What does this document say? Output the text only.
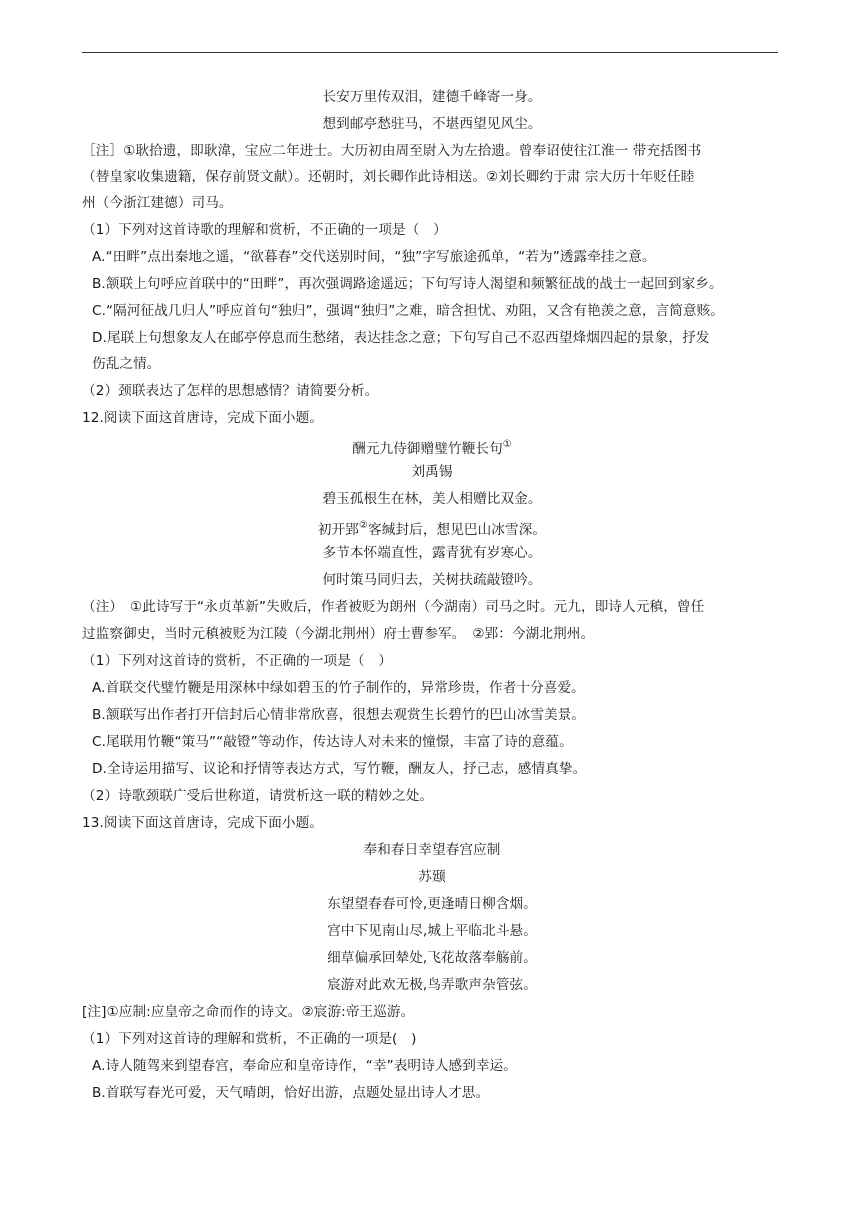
长安万里传双泪，建德千峰寄一身。
想到邮亭愁驻马，不堪西望见风尘。
［注］①耿拾遗，即耿湋，宝应二年进士。大历初由周至尉入为左拾遗。曾奉诏使往江淮一 带充括图书
（替皇家收集遗籍，保存前贤文献）。还朝时，刘长卿作此诗相送。②刘长卿约于肃 宗大历十年贬任睦
州（今浙江建德）司马。
（1）下列对这首诗歌的理解和赏析，不正确的一项是（　）
A.“田畔”点出秦地之遥，“欲暮春”交代送别时间，“独”字写旅途孤单，“若为”透露牵挂之意。
B.颔联上句呼应首联中的“田畔”，再次强调路途遥远；下句写诗人渴望和频繁征战的战士一起回到家乡。
C.“隔河征战几归人”呼应首句“独归”，强调“独归”之难，暗含担忧、劝阻，又含有艳羡之意，言简意赅。
D.尾联上句想象友人在邮亭停息而生愁绪，表达挂念之意；下句写自己不忍西望烽烟四起的景象，抒发
伤乱之情。
（2）颈联表达了怎样的思想感情？请简要分析。
12.阅读下面这首唐诗，完成下面小题。
酬元九侍御赠璧竹鞭长句①
刘禹锡
碧玉孤根生在林，美人相赠比双金。
初开郢②客缄封后，想见巴山冰雪深。
多节本怀端直性，露青犹有岁寒心。
何时策马同归去，关树扶疏敲镫吟。
（注）　①此诗写于“永贞革新”失败后，作者被贬为朗州（今湖南）司马之时。元九，即诗人元稹，曾任
过监察御史，当时元稹被贬为江陵（今湖北荆州）府士曹参军。　②郢：今湖北荆州。
（1）下列对这首诗的赏析，不正确的一项是（　）
A.首联交代璧竹鞭是用深林中绿如碧玉的竹子制作的，异常珍贵，作者十分喜爱。
B.颔联写出作者打开信封后心情非常欣喜，很想去观赏生长碧竹的巴山冰雪美景。
C.尾联用竹鞭“策马”“敲镫”等动作，传达诗人对未来的憧憬，丰富了诗的意蕴。
D.全诗运用描写、议论和抒情等表达方式，写竹鞭，酬友人，抒己志，感情真挚。
（2）诗歌颈联广受后世称道，请赏析这一联的精妙之处。
13.阅读下面这首唐诗，完成下面小题。
奉和春日幸望春宫应制
苏颋
东望望春春可怜,更逢晴日柳含烟。
宫中下见南山尽,城上平临北斗悬。
细草偏承回辇处,飞花故落奉觞前。
宸游对此欢无极,鸟弄歌声杂管弦。
[注]①应制:应皇帝之命而作的诗文。②宸游:帝王巡游。
（1）下列对这首诗的理解和赏析，不正确的一项是(　)
A.诗人随驾来到望春宫，奉命应和皇帝诗作，“幸”表明诗人感到幸运。
B.首联写春光可爱，天气晴朗，恰好出游，点题处显出诗人才思。
